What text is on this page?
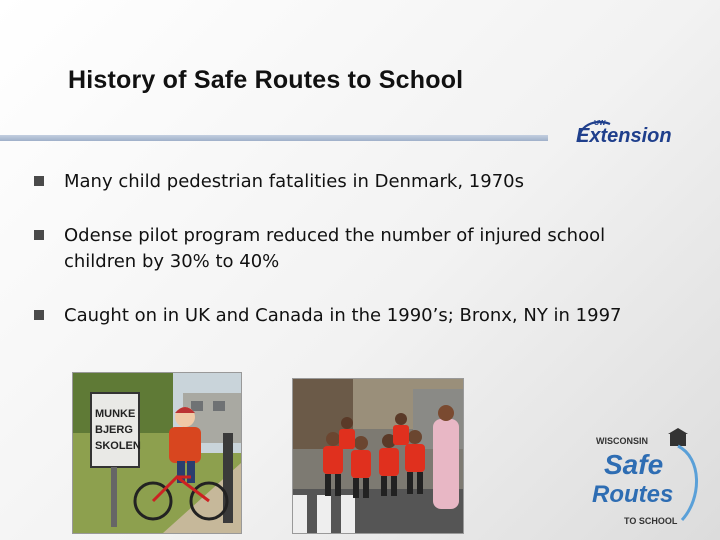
History of Safe Routes to School
UW
Extension
Many child pedestrian fatalities in Denmark, 1970s
Odense pilot program reduced the number of injured school children by 30% to 40%
Caught on in UK and Canada in the 1990’s; Bronx, NY in 1997
MUNKE
BJERG
SKOLEN	WISCONSIN
Safe
Routes
TO SCHOOL
